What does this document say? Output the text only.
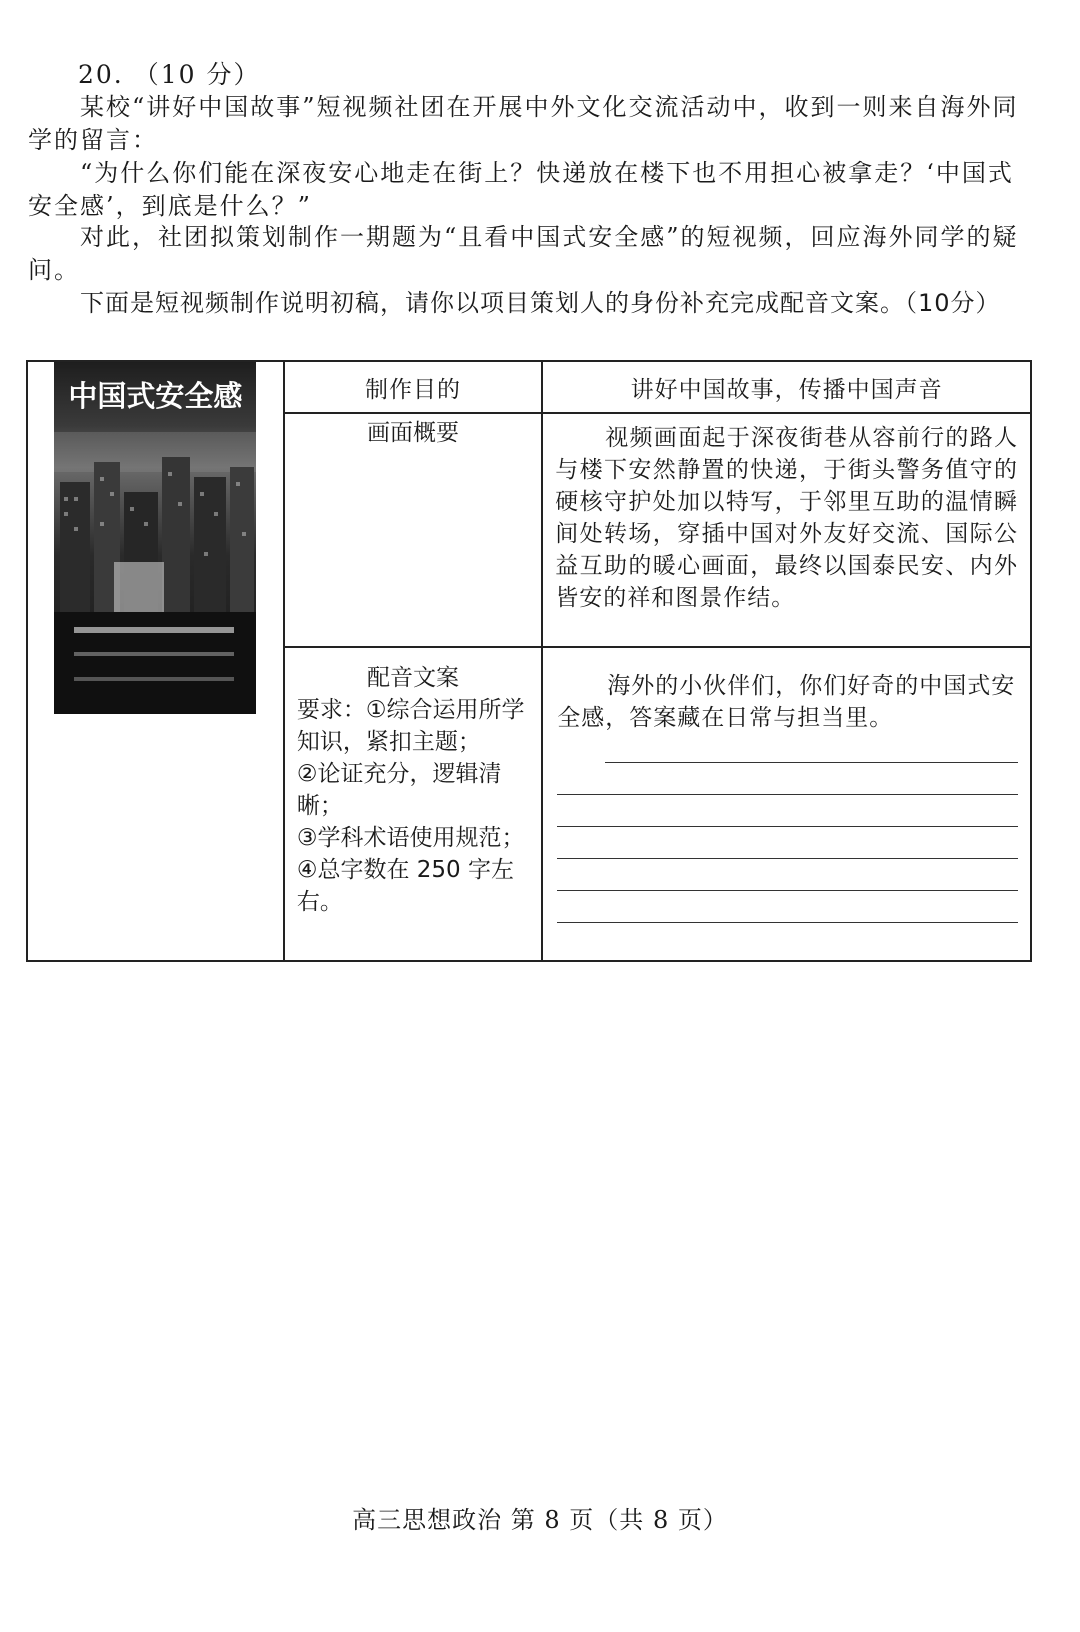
20. （10 分）

某校“讲好中国故事”短视频社团在开展中外文化交流活动中，收到一则来自海外同学的留言：

“为什么你们能在深夜安心地走在街上？快递放在楼下也不用担心被拿走？‘中国式安全感’，到底是什么？”

对此，社团拟策划制作一期题为“且看中国式安全感”的短视频，回应海外同学的疑问。

下面是短视频制作说明初稿，请你以项目策划人的身份补充完成配音文案。（10分）

中国式安全感	制作目的	讲好中国故事，传播中国声音
	画面概要	视频画面起于深夜街巷从容前行的路人与楼下安然静置的快递，于街头警务值守的硬核守护处加以特写，于邻里互助的温情瞬间处转场，穿插中国对外友好交流、国际公益互助的暖心画面，最终以国泰民安、内外皆安的祥和图景作结。

	配音文案
要求：①综合运用所学知识，紧扣主题；
②论证充分，逻辑清晰；
③学科术语使用规范；
④总字数在 250 字左右。	海外的小伙伴们，你们好奇的中国式安全感，答案藏在日常与担当里。
高三思想政治 第 8 页（共 8 页）
